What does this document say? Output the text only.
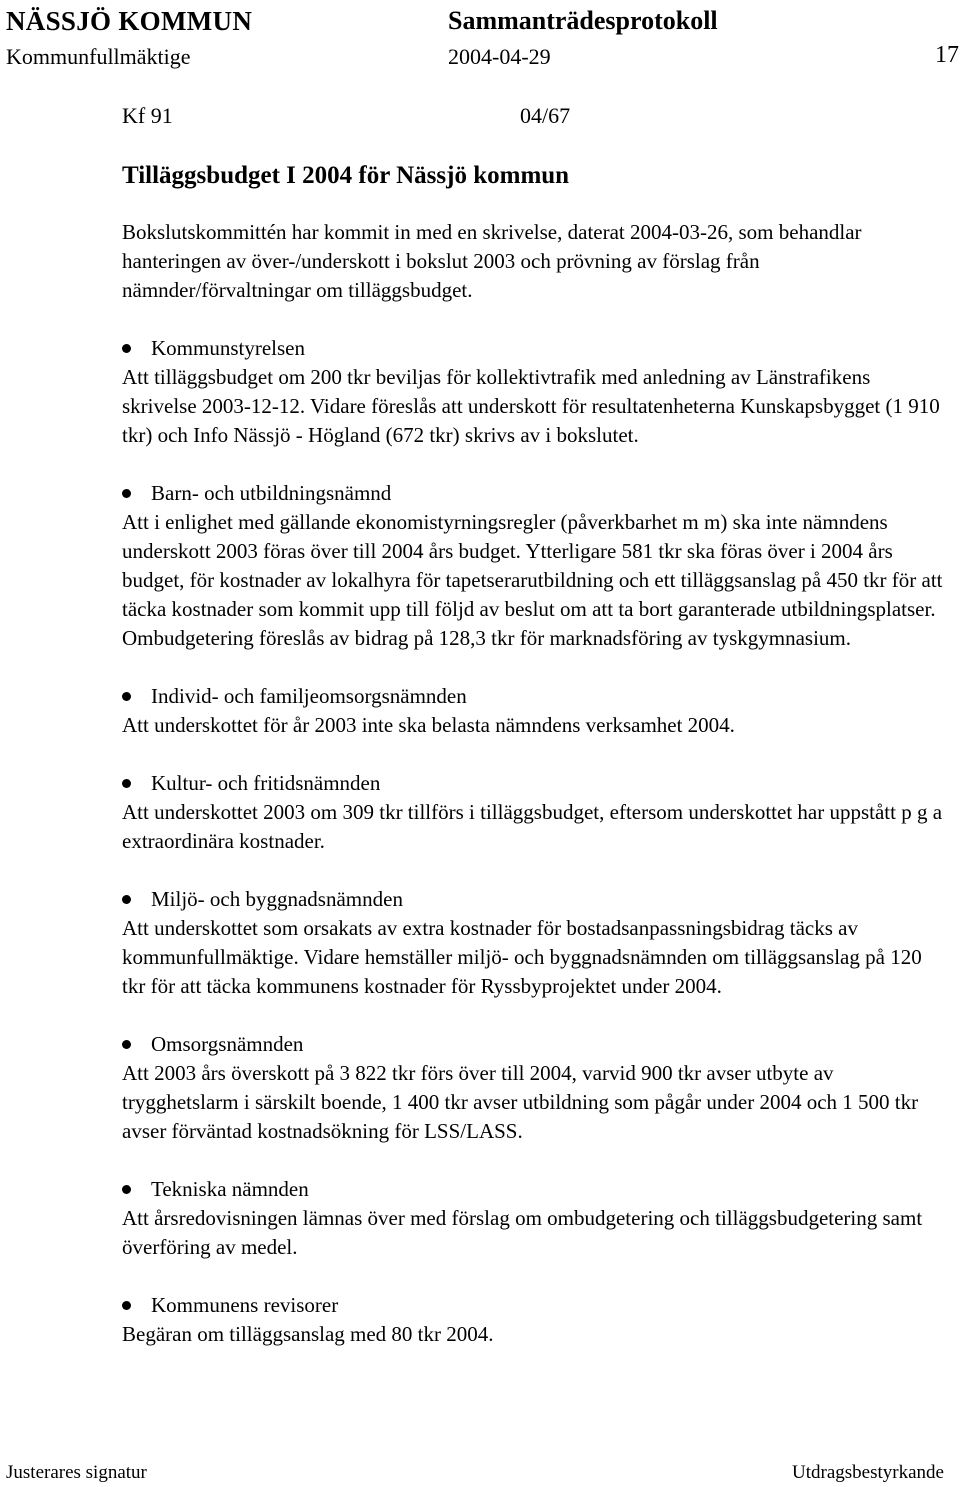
NÄSSJÖ KOMMUN	Sammanträdesprotokoll
Kommunfullmäktige	2004-04-29	17
Kf 91	04/67
Tilläggsbudget I 2004 för Nässjö kommun

Bokslutskommittén har kommit in med en skrivelse, daterat 2004-03-26, som behandlar hanteringen av över-/underskott i bokslut 2003 och prövning av förslag från nämnder/förvaltningar om tilläggsbudget.

Kommunstyrelsen
Att tilläggsbudget om 200 tkr beviljas för kollektivtrafik med anledning av Länstrafikens skrivelse 2003-12-12. Vidare föreslås att underskott för resultatenheterna Kunskapsbygget (1 910 tkr) och Info Nässjö - Högland (672 tkr) skrivs av i bokslutet.
Barn- och utbildningsnämnd
Att i enlighet med gällande ekonomistyrningsregler (påverkbarhet m m) ska inte nämndens underskott 2003 föras över till 2004 års budget. Ytterligare 581 tkr ska föras över i 2004 års budget, för kostnader av lokalhyra för tapetserarutbildning och ett tilläggsanslag på 450 tkr för att täcka kostnader som kommit upp till följd av beslut om att ta bort garanterade utbildningsplatser. Ombudgetering föreslås av bidrag på 128,3 tkr för marknadsföring av tyskgymnasium.
Individ- och familjeomsorgsnämnden
Att underskottet för år 2003 inte ska belasta nämndens verksamhet 2004.
Kultur- och fritidsnämnden
Att underskottet 2003 om 309 tkr tillförs i tilläggsbudget, eftersom underskottet har uppstått p g a extraordinära kostnader.
Miljö- och byggnadsnämnden
Att underskottet som orsakats av extra kostnader för bostadsanpassningsbidrag täcks av kommunfullmäktige. Vidare hemställer miljö- och byggnadsnämnden om tilläggsanslag på 120 tkr för att täcka kommunens kostnader för Ryssbyprojektet under 2004.
Omsorgsnämnden
Att 2003 års överskott på 3 822 tkr förs över till 2004, varvid 900 tkr avser utbyte av trygghetslarm i särskilt boende, 1 400 tkr avser utbildning som pågår under 2004 och 1 500 tkr avser förväntad kostnadsökning för LSS/LASS.
Tekniska nämnden
Att årsredovisningen lämnas över med förslag om ombudgetering och tilläggsbudgetering samt överföring av medel.
Kommunens revisorer
Begäran om tilläggsanslag med 80 tkr 2004.
Justerares signatur	Utdragsbestyrkande
